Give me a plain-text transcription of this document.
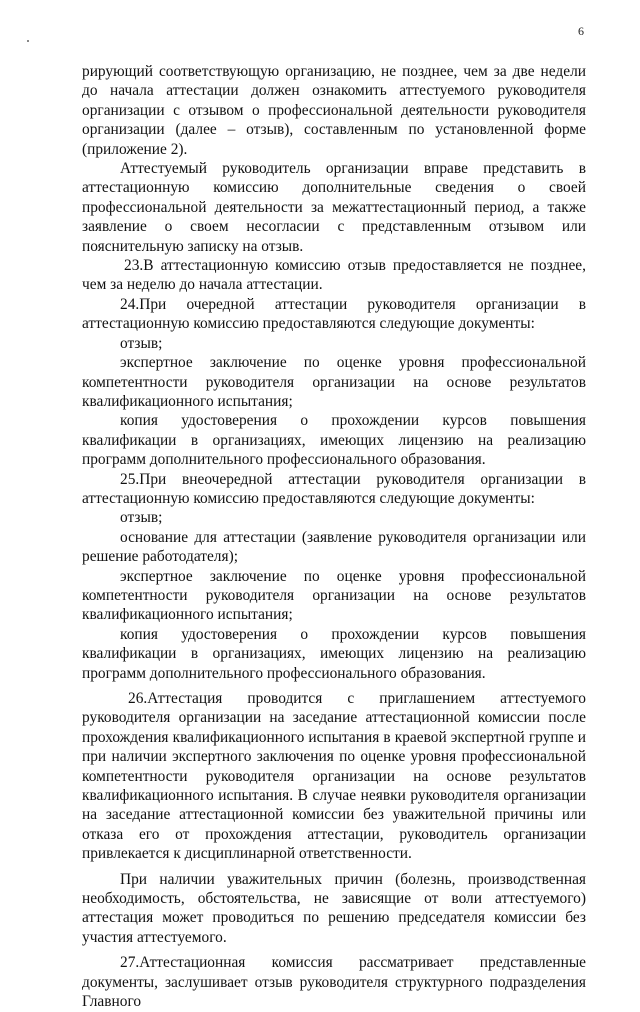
6

рирующий соответствующую организацию, не позднее, чем за две недели до начала аттестации должен ознакомить аттестуемого руководителя организации с отзывом о профессиональной деятельности руководителя организации (далее – отзыв), составленным по установленной форме (приложение 2).

Аттестуемый руководитель организации вправе представить в аттестационную комиссию дополнительные сведения о своей профессиональной деятельности за межаттестационный период, а также заявление о своем несогласии с представленным отзывом или пояснительную записку на отзыв.

23.В аттестационную комиссию отзыв предоставляется не позднее, чем за неделю до начала аттестации.

24.При очередной аттестации руководителя организации в аттестационную комиссию предоставляются следующие документы:

отзыв;

экспертное заключение по оценке уровня профессиональной компетентности руководителя организации на основе результатов квалификационного испытания;

копия удостоверения о прохождении курсов повышения квалификации в организациях, имеющих лицензию на реализацию программ дополнительного профессионального образования.

25.При внеочередной аттестации руководителя организации в аттестационную комиссию предоставляются следующие документы:

отзыв;

основание для аттестации (заявление руководителя организации или решение работодателя);

экспертное заключение по оценке уровня профессиональной компетентности руководителя организации на основе результатов квалификационного испытания;

копия удостоверения о прохождении курсов повышения квалификации в организациях, имеющих лицензию на реализацию программ дополнительного профессионального образования.

26.Аттестация проводится с приглашением аттестуемого руководителя организации на заседание аттестационной комиссии после прохождения квалификационного испытания в краевой экспертной группе и при наличии экспертного заключения по оценке уровня профессиональной компетентности руководителя организации на основе результатов квалификационного испытания. В случае неявки руководителя организации на заседание аттестационной комиссии без уважительной причины или отказа его от прохождения аттестации, руководитель организации привлекается к дисциплинарной ответственности.

При наличии уважительных причин (болезнь, производственная необходимость, обстоятельства, не зависящие от воли аттестуемого) аттестация может проводиться по решению председателя комиссии без участия аттестуемого.

27.Аттестационная комиссия рассматривает представленные документы, заслушивает отзыв руководителя структурного подразделения Главного
